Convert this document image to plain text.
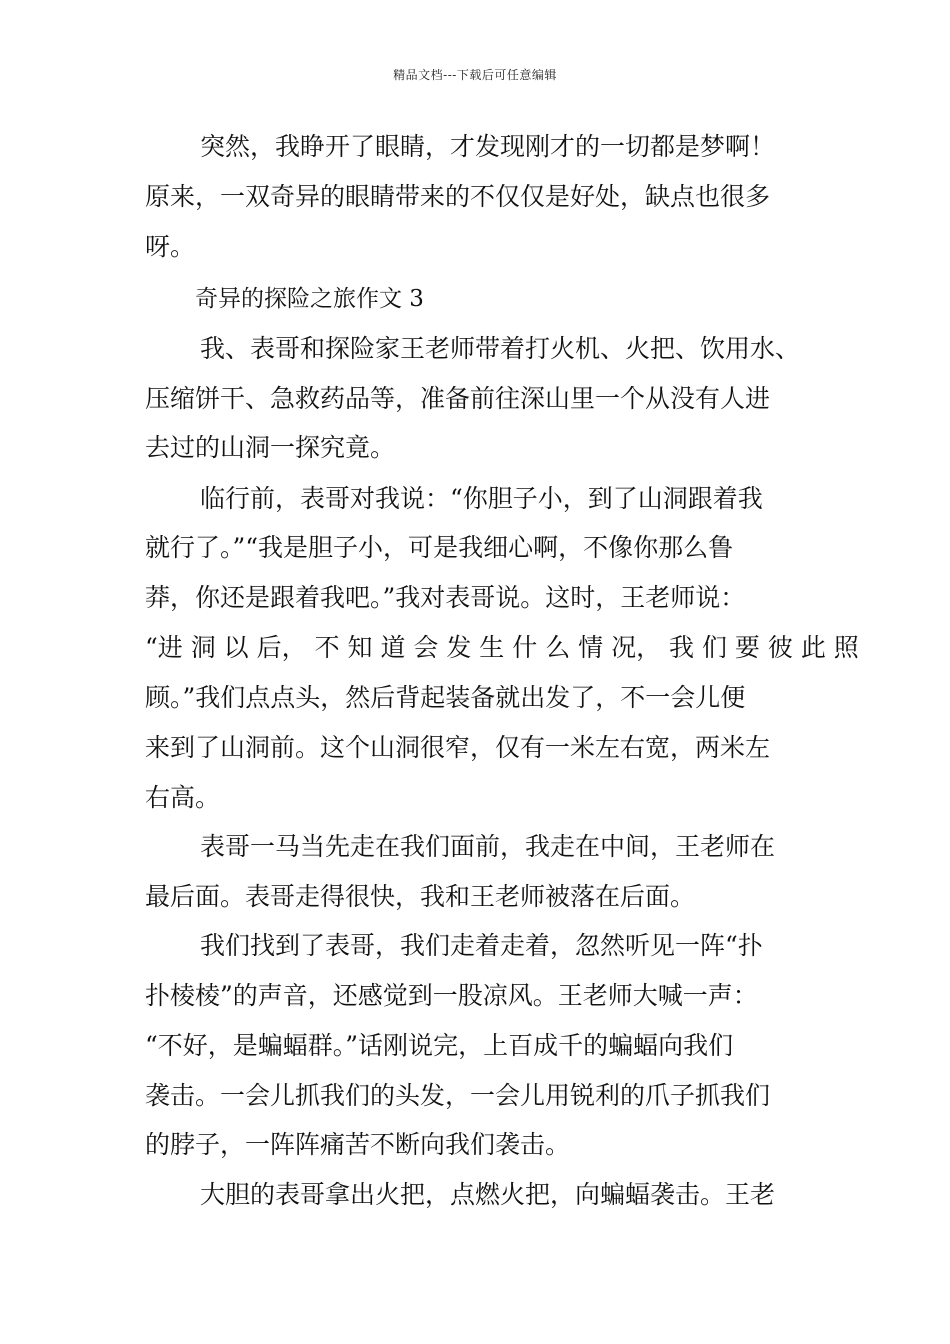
精品文档---下载后可任意编辑
突然，我睁开了眼睛，才发现刚才的一切都是梦啊！
原来，一双奇异的眼睛带来的不仅仅是好处，缺点也很多
呀。
奇异的探险之旅作文 3
我、表哥和探险家王老师带着打火机、火把、饮用水、
压缩饼干、急救药品等，准备前往深山里一个从没有人进
去过的山洞一探究竟。
临行前，表哥对我说：“你胆子小，到了山洞跟着我
就行了。”“我是胆子小，可是我细心啊，不像你那么鲁
莽，你还是跟着我吧。”我对表哥说。这时，王老师说：
“进 洞 以 后， 不 知 道 会 发 生 什 么 情 况， 我 们 要 彼 此 照
顾。”我们点点头，然后背起装备就出发了，不一会儿便
来到了山洞前。这个山洞很窄，仅有一米左右宽，两米左
右高。
表哥一马当先走在我们面前，我走在中间，王老师在
最后面。表哥走得很快，我和王老师被落在后面。
我们找到了表哥，我们走着走着，忽然听见一阵“扑
扑棱棱”的声音，还感觉到一股凉风。王老师大喊一声：
“不好，是蝙蝠群。”话刚说完，上百成千的蝙蝠向我们
袭击。一会儿抓我们的头发，一会儿用锐利的爪子抓我们
的脖子，一阵阵痛苦不断向我们袭击。
大胆的表哥拿出火把，点燃火把，向蝙蝠袭击。王老
